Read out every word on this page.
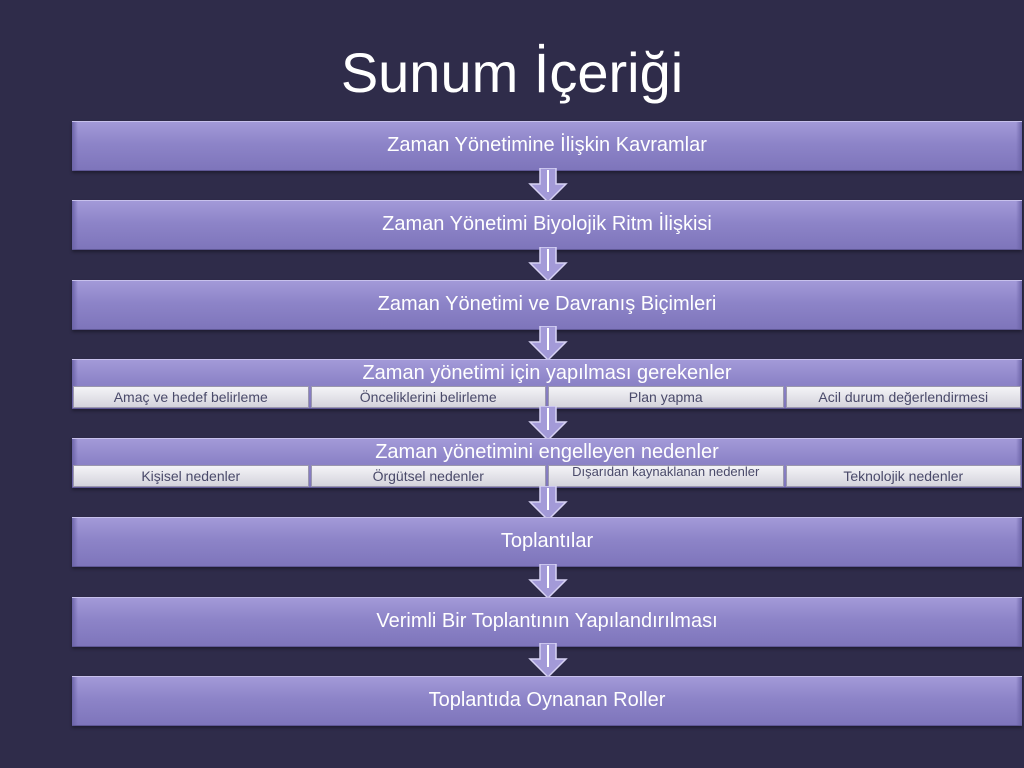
Sunum İçeriği
Zaman Yönetimine İlişkin Kavramlar
Zaman Yönetimi Biyolojik Ritm İlişkisi
Zaman Yönetimi ve Davranış Biçimleri
Zaman yönetimi için yapılması gerekenler
Amaç ve hedef belirleme	Önceliklerini belirleme	Plan yapma	Acil durum değerlendirmesi
Zaman yönetimini engelleyen nedenler
Kişisel nedenler	Örgütsel nedenler	Dışarıdan kaynaklanan nedenler	Teknolojik nedenler
Toplantılar
Verimli Bir Toplantının Yapılandırılması
Toplantıda Oynanan Roller
